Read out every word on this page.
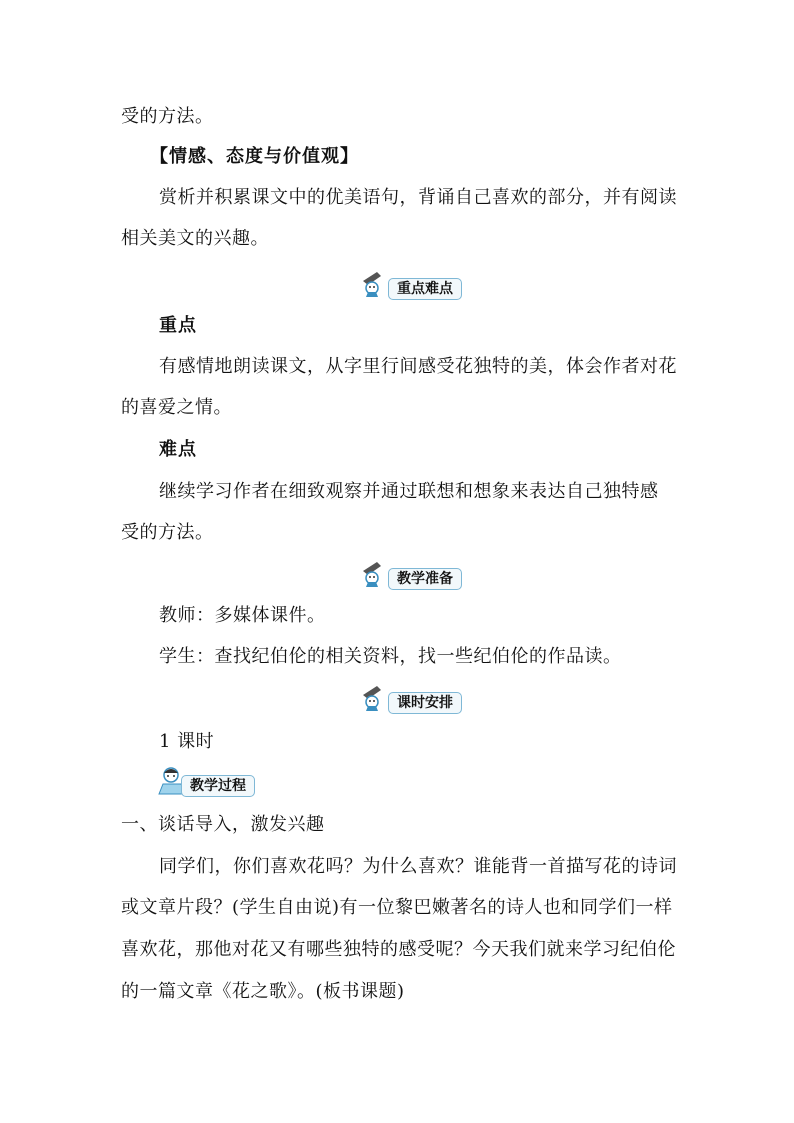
受的方法。
【情感、态度与价值观】
赏析并积累课文中的优美语句，背诵自己喜欢的部分，并有阅读
相关美文的兴趣。
重点难点
重点
有感情地朗读课文，从字里行间感受花独特的美，体会作者对花
的喜爱之情。
难点
继续学习作者在细致观察并通过联想和想象来表达自己独特感
受的方法。
教学准备
教师：多媒体课件。
学生：查找纪伯伦的相关资料，找一些纪伯伦的作品读。
课时安排
1 课时
教学过程
一、谈话导入，激发兴趣
同学们，你们喜欢花吗？为什么喜欢？谁能背一首描写花的诗词
或文章片段？(学生自由说)有一位黎巴嫩著名的诗人也和同学们一样
喜欢花，那他对花又有哪些独特的感受呢？今天我们就来学习纪伯伦
的一篇文章《花之歌》。(板书课题)
